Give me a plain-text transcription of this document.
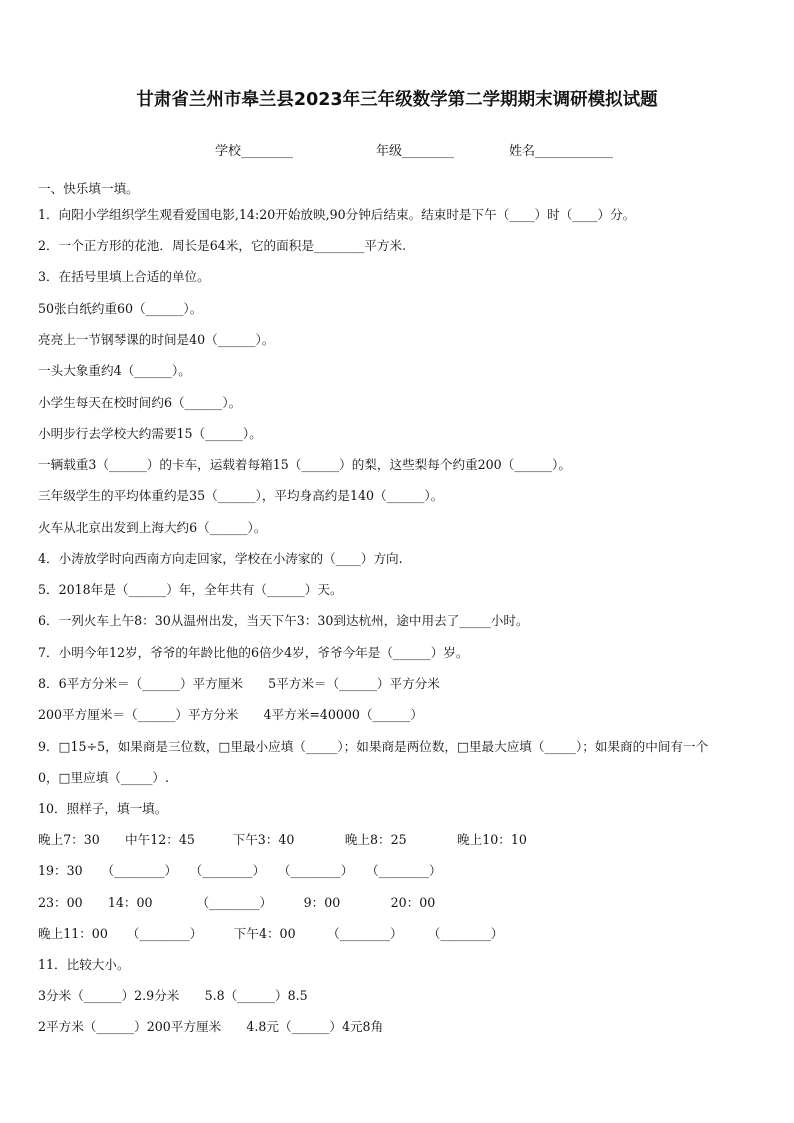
甘肃省兰州市皋兰县2023年三年级数学第二学期期末调研模拟试题
学校________	年级________	姓名____________
一、快乐填一填。
1．向阳小学组织学生观看爱国电影,14:20开始放映,90分钟后结束。结束时是下午（____）时（____）分。
2．一个正方形的花池．周长是64米，它的面积是________平方米.
3．在括号里填上合适的单位。
50张白纸约重60（______）。
亮亮上一节钢琴课的时间是40（______）。
一头大象重约4（______）。
小学生每天在校时间约6（______）。
小明步行去学校大约需要15（______）。
一辆载重3（______）的卡车，运载着每箱15（______）的梨，这些梨每个约重200（______）。
三年级学生的平均体重约是35（______），平均身高约是140（______）。
火车从北京出发到上海大约6（______）。
4．小涛放学时向西南方向走回家，学校在小涛家的（____）方向.
5．2018年是（______）年，全年共有（______）天。
6．一列火车上午8：30从温州出发，当天下午3：30到达杭州，途中用去了_____小时。
7．小明今年12岁，爷爷的年龄比他的6倍少4岁，爷爷今年是（______）岁。
8．6平方分米＝（______）平方厘米　　5平方米＝（______）平方分米
200平方厘米＝（______）平方分米　　4平方米=40000（______）
9．□15÷5，如果商是三位数，□里最小应填（_____）；如果商是两位数，□里最大应填（_____）；如果商的中间有一个
0，□里应填（_____）.
10．照样子，填一填。
晚上7：30　　中午12：45　　　下午3：40　　　　晚上8：25　　　　晚上10：10
19：30　　（________）　　（________）　　（________）　　（________）
23：00　　14：00　　　　（________）　　　9：00　　　　20：00
晚上11：00　　（________）　　　下午4：00　　　（________）　　　（________）
11．比较大小。
3分米（______）2.9分米　　5.8（______）8.5
2平方米（______）200平方厘米　　4.8元（______）4元8角
